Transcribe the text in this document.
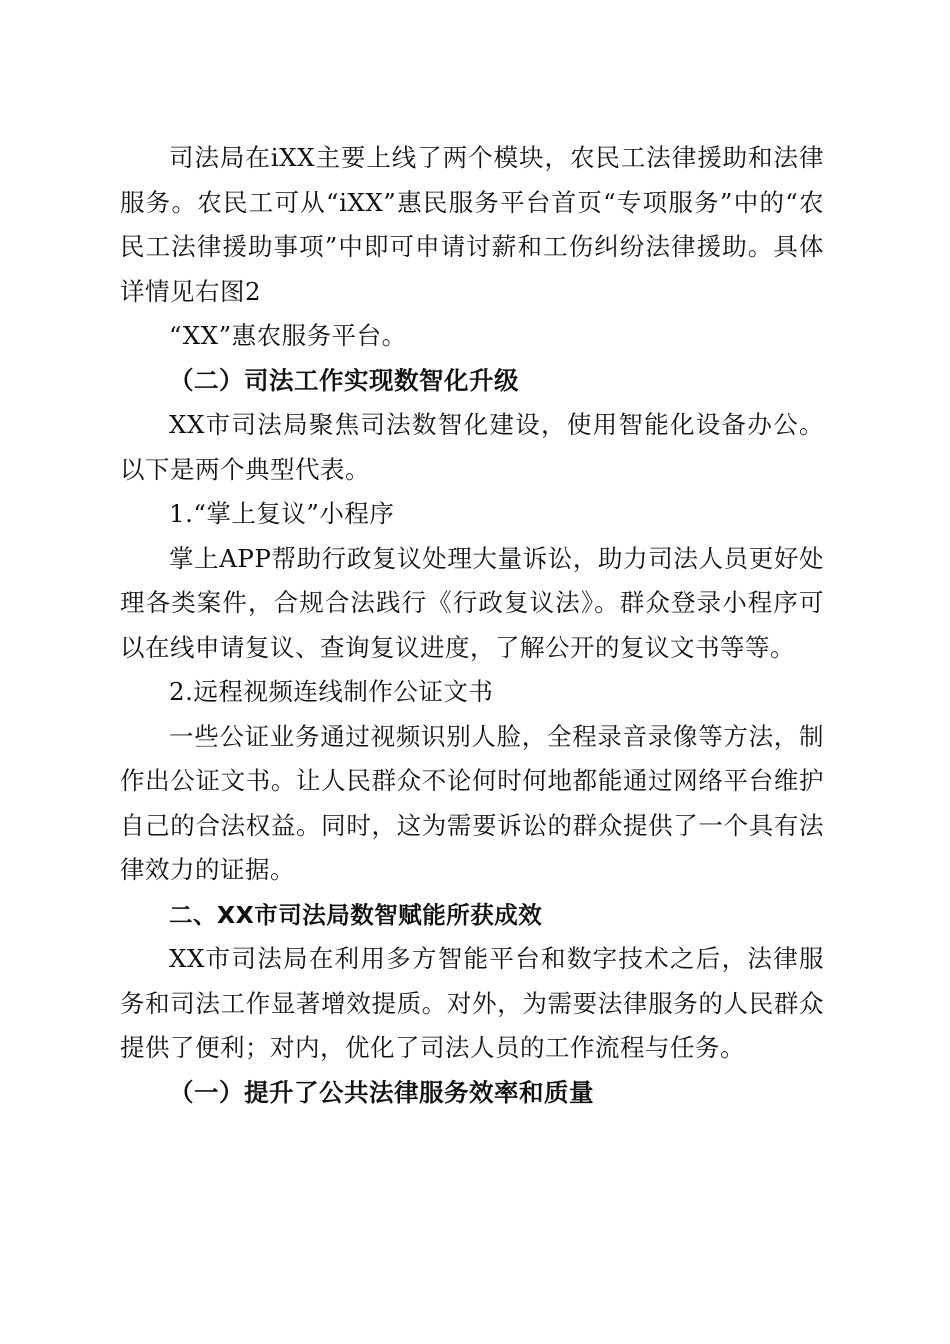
司法局在iXX主要上线了两个模块，农民工法律援助和法律服务。农民工可从“iXX”惠民服务平台首页“专项服务”中的“农民工法律援助事项”中即可申请讨薪和工伤纠纷法律援助。具体详情见右图2

“XX”惠农服务平台。

（二）司法工作实现数智化升级

XX市司法局聚焦司法数智化建设，使用智能化设备办公。以下是两个典型代表。

1.“掌上复议”小程序

掌上APP帮助行政复议处理大量诉讼，助力司法人员更好处理各类案件，合规合法践行《行政复议法》。群众登录小程序可以在线申请复议、查询复议进度，了解公开的复议文书等等。

2.远程视频连线制作公证文书

一些公证业务通过视频识别人脸，全程录音录像等方法，制作出公证文书。让人民群众不论何时何地都能通过网络平台维护自己的合法权益。同时，这为需要诉讼的群众提供了一个具有法律效力的证据。

二、XX市司法局数智赋能所获成效

XX市司法局在利用多方智能平台和数字技术之后，法律服务和司法工作显著增效提质。对外，为需要法律服务的人民群众提供了便利；对内，优化了司法人员的工作流程与任务。

（一）提升了公共法律服务效率和质量
